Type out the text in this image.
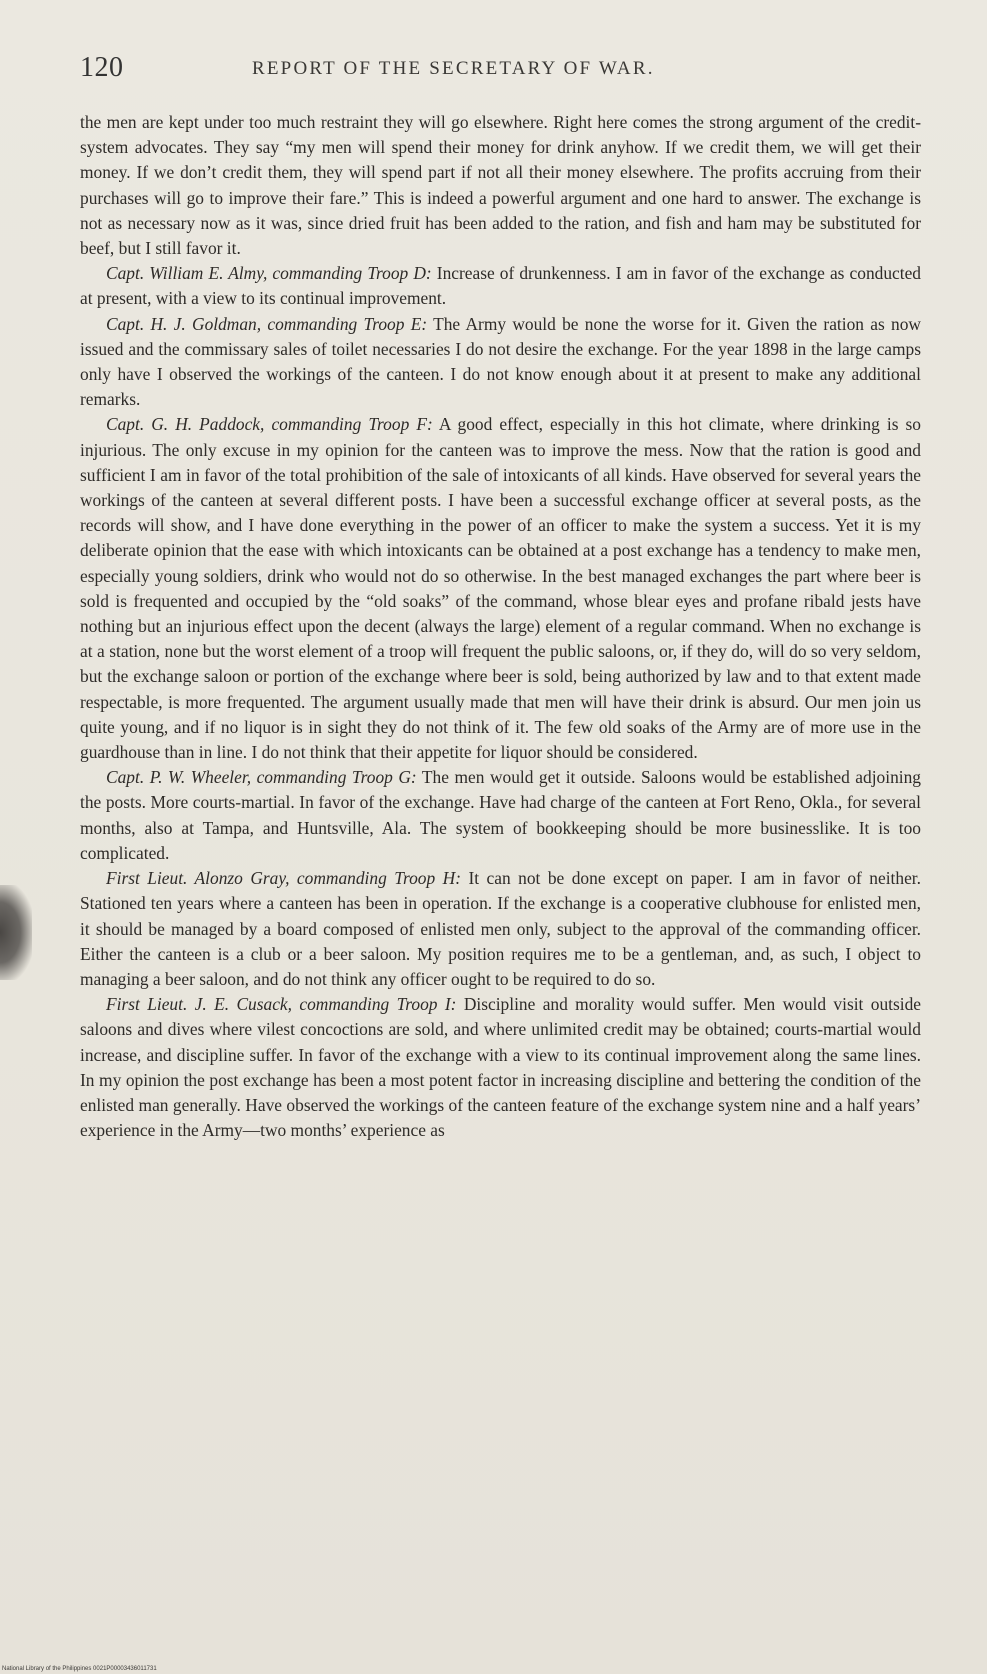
120	REPORT OF THE SECRETARY OF WAR.

the men are kept under too much restraint they will go elsewhere. Right here comes the strong argument of the credit-system advocates. They say “my men will spend their money for drink anyhow. If we credit them, we will get their money. If we don’t credit them, they will spend part if not all their money elsewhere. The profits accruing from their purchases will go to improve their fare.” This is indeed a powerful argument and one hard to answer. The exchange is not as necessary now as it was, since dried fruit has been added to the ration, and fish and ham may be substituted for beef, but I still favor it.

Capt. William E. Almy, commanding Troop D: Increase of drunkenness. I am in favor of the exchange as conducted at present, with a view to its continual improvement.

Capt. H. J. Goldman, commanding Troop E: The Army would be none the worse for it. Given the ration as now issued and the commissary sales of toilet necessaries I do not desire the exchange. For the year 1898 in the large camps only have I observed the workings of the canteen. I do not know enough about it at present to make any additional remarks.

Capt. G. H. Paddock, commanding Troop F: A good effect, especially in this hot climate, where drinking is so injurious. The only excuse in my opinion for the canteen was to improve the mess. Now that the ration is good and sufficient I am in favor of the total prohibition of the sale of intoxicants of all kinds. Have observed for several years the workings of the canteen at several different posts. I have been a successful exchange officer at several posts, as the records will show, and I have done everything in the power of an officer to make the system a success. Yet it is my deliberate opinion that the ease with which intoxicants can be obtained at a post exchange has a tendency to make men, especially young soldiers, drink who would not do so otherwise. In the best managed exchanges the part where beer is sold is frequented and occupied by the “old soaks” of the command, whose blear eyes and profane ribald jests have nothing but an injurious effect upon the decent (always the large) element of a regular command. When no exchange is at a station, none but the worst element of a troop will frequent the public saloons, or, if they do, will do so very seldom, but the exchange saloon or portion of the exchange where beer is sold, being authorized by law and to that extent made respectable, is more frequented. The argument usually made that men will have their drink is absurd. Our men join us quite young, and if no liquor is in sight they do not think of it. The few old soaks of the Army are of more use in the guardhouse than in line. I do not think that their appetite for liquor should be considered.

Capt. P. W. Wheeler, commanding Troop G: The men would get it outside. Saloons would be established adjoining the posts. More courts-martial. In favor of the exchange. Have had charge of the canteen at Fort Reno, Okla., for several months, also at Tampa, and Huntsville, Ala. The system of bookkeeping should be more businesslike. It is too complicated.

First Lieut. Alonzo Gray, commanding Troop H: It can not be done except on paper. I am in favor of neither. Stationed ten years where a canteen has been in operation. If the exchange is a cooperative clubhouse for enlisted men, it should be managed by a board composed of enlisted men only, subject to the approval of the commanding officer. Either the canteen is a club or a beer saloon. My position requires me to be a gentleman, and, as such, I object to managing a beer saloon, and do not think any officer ought to be required to do so.

First Lieut. J. E. Cusack, commanding Troop I: Discipline and morality would suffer. Men would visit outside saloons and dives where vilest concoctions are sold, and where unlimited credit may be obtained; courts-martial would increase, and discipline suffer. In favor of the exchange with a view to its continual improvement along the same lines. In my opinion the post exchange has been a most potent factor in increasing discipline and bettering the condition of the enlisted man generally. Have observed the workings of the canteen feature of the exchange system nine and a half years’ experience in the Army—two months’ experience as

National Library of the Philippines 0021P00003436011731
